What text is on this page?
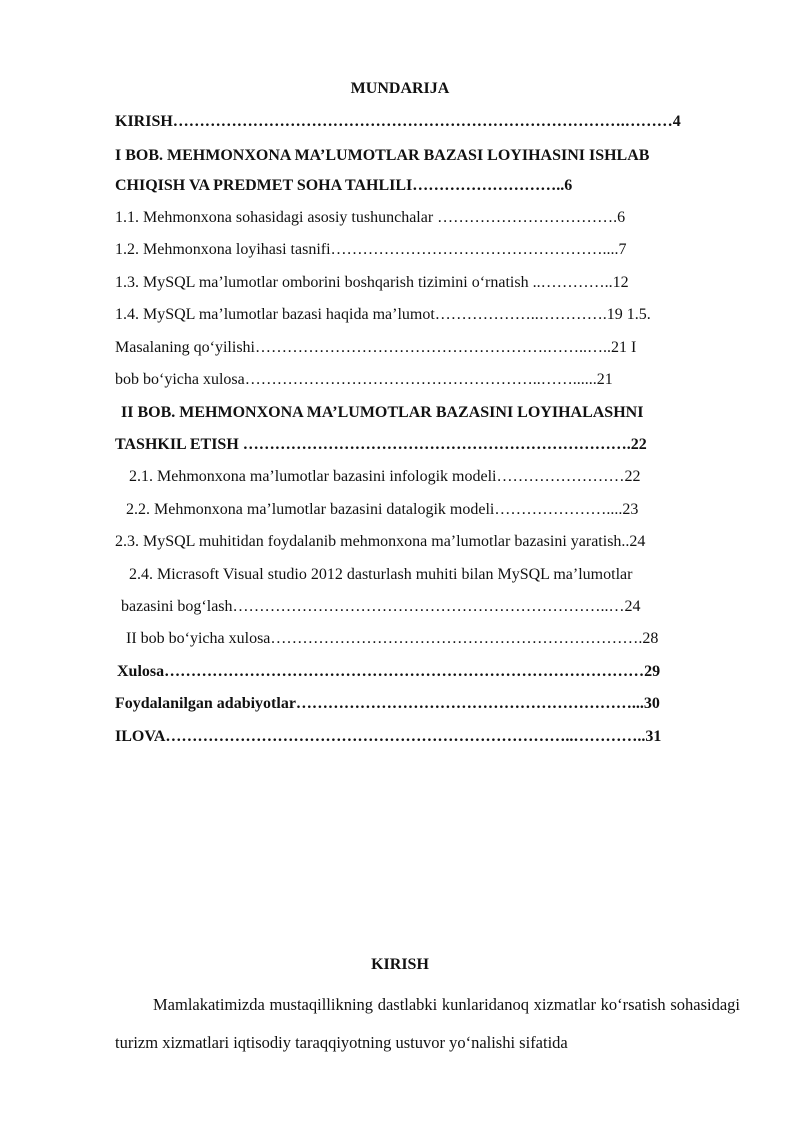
MUNDARIJA
KIRISH………………………………………………………………………….………4
I BOB. MEHMONXONA MA’LUMOTLAR BAZASI LOYIHASINI ISHLAB
CHIQISH VA PREDMET SOHA TAHLILI………………………..6
1.1. Mehmonxona sohasidagi asosiy tushunchalar …………………………….6
1.2. Mehmonxona loyihasi tasnifi……………………………………………....7
1.3. MySQL ma’lumotlar omborini boshqarish tizimini o‘rnatish ..…………..12
1.4. MySQL ma’lumotlar bazasi haqida ma’lumot………………..………….19 1.5.
Masalaning qo‘yilishi……………………………………………….……..…..21 I
bob bo‘yicha xulosa………………………………………………..……......21
II BOB. MEHMONXONA MA’LUMOTLAR BAZASINI LOYIHALASHNI
TASHKIL ETISH ……………………………………………………………….22
2.1. Mehmonxona ma’lumotlar bazasini infologik modeli……………………22
2.2. Mehmonxona ma’lumotlar bazasini datalogik modeli…………………....23
2.3. MySQL muhitidan foydalanib mehmonxona ma’lumotlar bazasini yaratish..24
2.4. Micrasoft Visual studio 2012 dasturlash muhiti bilan MySQL ma’lumotlar
bazasini bog‘lash……………………………………………………………..…24
II bob bo‘yicha xulosa…………………………………………………………….28
Xulosa………………………………………………………………………………29
Foydalanilgan adabiyotlar………………………………………………………...30
ILOVA…………………………………………………………………..…………..31
KIRISH
Mamlakatimizda mustaqillikning dastlabki kunlaridanoq xizmatlar ko‘rsatish sohasidagi turizm xizmatlari iqtisodiy taraqqiyotning ustuvor yo‘nalishi sifatida
